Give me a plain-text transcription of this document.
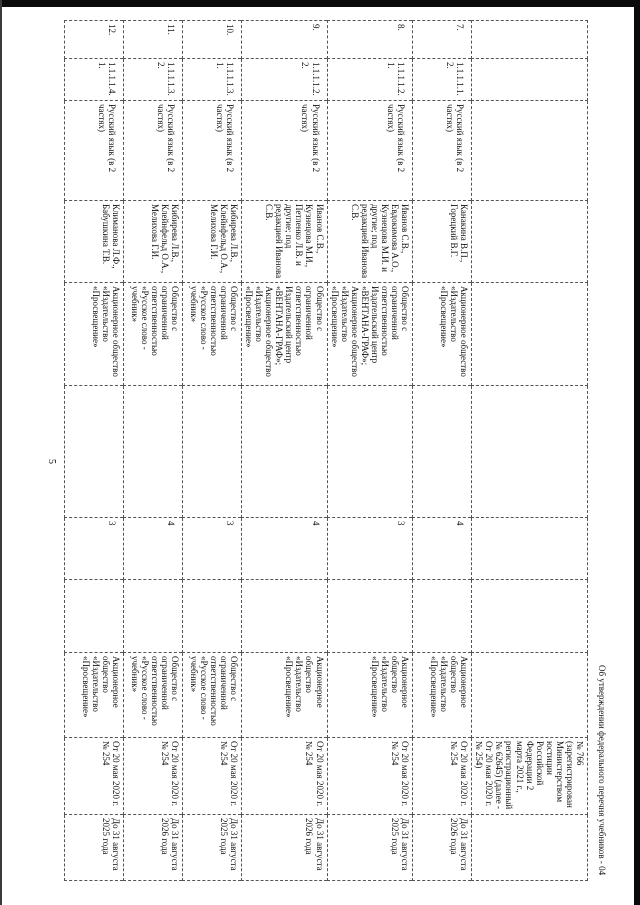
									№ 766 (зарегистрирован Министерством юстиции Российской Федерации 2 марта 2021 г., регистрационный № 62645) (далее - От 20 мая 2020 г. № 254)	
7.	1.1.1.1.1.2.	Русский язык (в 2 частях)	Канакина В.П., Горецкий В.Г.	Акционерное общество «Издательство «Просвещение»		4		Акционерное общество «Издательство «Просвещение»	От 20 мая 2020 г. № 254	До 31 августа 2026 года
8.	1.1.1.1.2.1.	Русский язык (в 2 частях)	Иванов С.В., Евдокимова А.О., Кузнецова М.И. и другие; под редакцией Иванова С.В.	Общество с ограниченной ответственностью Издательский центр «ВЕНТАНА-ГРАФ»; Акционерное общество «Издательство «Просвещение»		3		Акционерное общество «Издательство «Просвещение»	От 20 мая 2020 г. № 254	До 31 августа 2025 года
9.	1.1.1.1.2.2.	Русский язык (в 2 частях)	Иванов С.В., Кузнецова М.И., Петленко Л.В. и другие; под редакцией Иванова С.В.	Общество с ограниченной ответственностью Издательский центр «ВЕНТАНА-ГРАФ»; Акционерное общество «Издательство «Просвещение»		4		Акционерное общество «Издательство «Просвещение»	От 20 мая 2020 г. № 254	До 31 августа 2026 года
10.	1.1.1.1.3.1.	Русский язык (в 2 частях)	Кибирева Л.В., Клейнфельд О.А., Мелихова Г.И.	Общество с ограниченной ответственностью «Русское слово - учебник»		3		Общество с ограниченной ответственностью «Русское слово - учебник»	От 20 мая 2020 г. № 254	До 31 августа 2025 года
11.	1.1.1.1.3.2.	Русский язык (в 2 частях)	Кибирева Л.В., Клейнфельд О.А., Мелихова Г.И.	Общество с ограниченной ответственностью «Русское слово - учебник»		4		Общество с ограниченной ответственностью «Русское слово - учебник»	От 20 мая 2020 г. № 254	До 31 августа 2026 года
12.	1.1.1.1.4.1.	Русский язык (в 2 частях)	Климанова Л.Ф., Бабушкина Т.В.	Акционерное общество «Издательство «Просвещение»		3		Акционерное общество «Издательство «Просвещение»	От 20 мая 2020 г. № 254	До 31 августа 2025 года
5
Об утверждении федерального перечня учебников - 04
